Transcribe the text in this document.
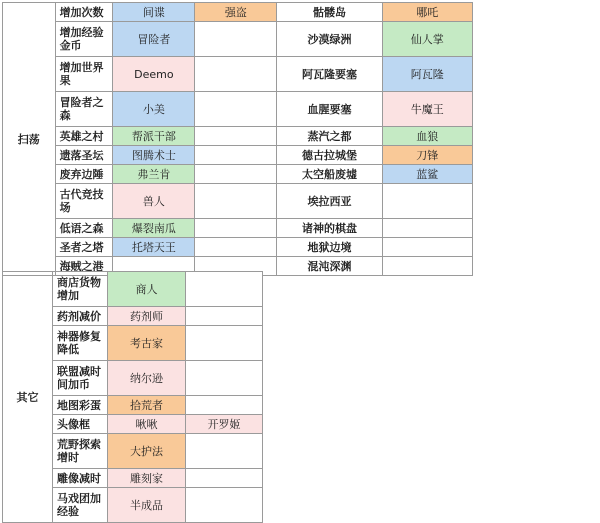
扫荡	增加次数	间谍	强盗	骷髅岛	哪吒
	增加经验金币	冒险者		沙漠绿洲	仙人掌
	增加世界果	Deemo		阿瓦隆要塞	阿瓦隆
	冒险者之森	小美		血腥要塞	牛魔王
	英雄之村	帮派干部		蒸汽之都	血狼
	遗落圣坛	图腾术士		德古拉城堡	刀锋
	废弃边陲	弗兰肯		太空船废墟	蓝鲨
	古代竞技场	兽人		埃拉西亚	
	低语之森	爆裂南瓜		诸神的棋盘	
	圣者之塔	托塔天王		地狱边境	
	海贼之港			混沌深渊	
其它	商店货物增加	商人	
	药剂减价	药剂师	
	神器修复降低	考古家	
	联盟减时间加币	纳尔逊	
	地图彩蛋	拾荒者	
	头像框	啾啾	开罗姬
	荒野探索增时	大护法	
	雕像减时	雕刻家	
	马戏团加经验	半成品	
